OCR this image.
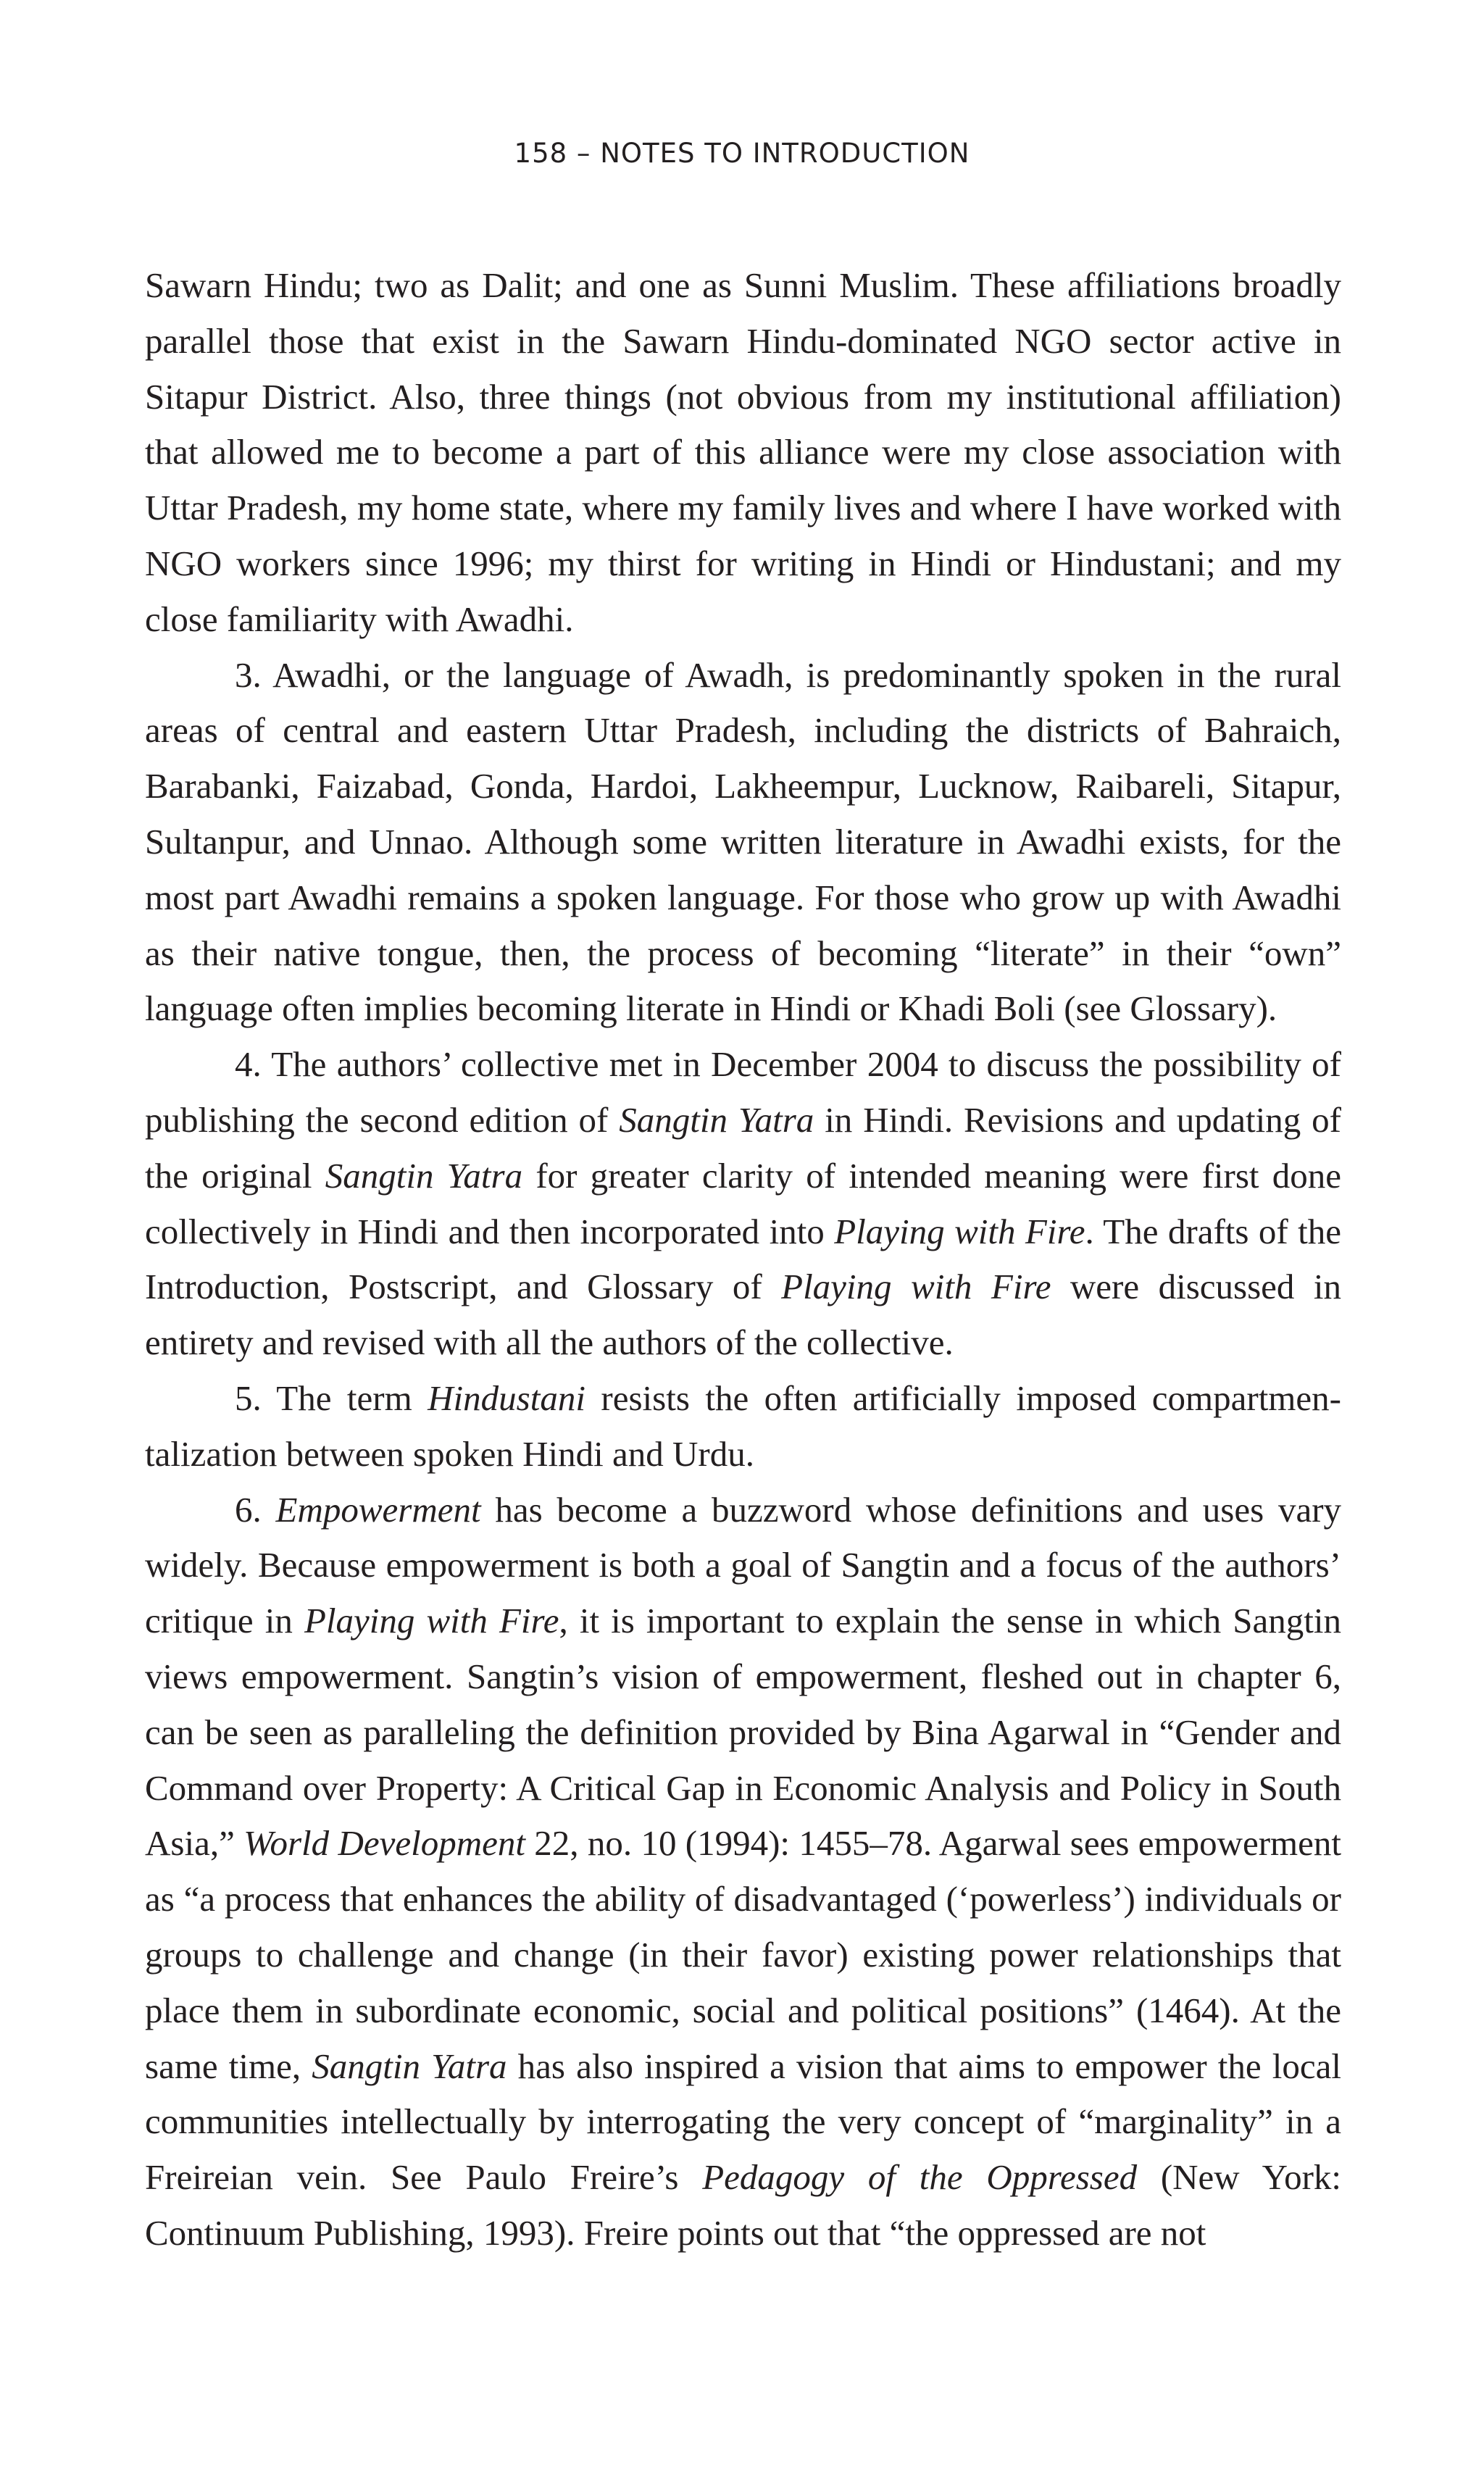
158 – NOTES TO INTRODUCTION

Sawarn Hindu; two as Dalit; and one as Sunni Muslim. These affiliations broadly parallel those that exist in the Sawarn Hindu-dominated NGO sector active in Sitapur District. Also, three things (not obvious from my institutional affiliation) that allowed me to become a part of this alliance were my close association with Uttar Pradesh, my home state, where my family lives and where I have worked with NGO workers since 1996; my thirst for writing in Hindi or Hindustani; and my close familiarity with Awadhi.

3. Awadhi, or the language of Awadh, is predominantly spoken in the rural areas of central and eastern Uttar Pradesh, including the districts of Bahraich, Barabanki, Faizabad, Gonda, Hardoi, Lakheempur, Lucknow, Raibareli, Sitapur, Sultanpur, and Unnao. Although some written literature in Awadhi exists, for the most part Awadhi remains a spoken language. For those who grow up with Awadhi as their native tongue, then, the process of becoming “literate” in their “own” language often implies becoming literate in Hindi or Khadi Boli (see Glossary).

4. The authors’ collective met in December 2004 to discuss the possibility of publishing the second edition of Sangtin Yatra in Hindi. Revisions and updating of the original Sangtin Yatra for greater clarity of intended meaning were first done collectively in Hindi and then incorporated into Playing with Fire. The drafts of the Introduction, Postscript, and Glossary of Playing with Fire were discussed in entirety and revised with all the authors of the collective.

5. The term Hindustani resists the often artificially imposed compartmentalization between spoken Hindi and Urdu.

6. Empowerment has become a buzzword whose definitions and uses vary widely. Because empowerment is both a goal of Sangtin and a focus of the authors’ critique in Playing with Fire, it is important to explain the sense in which Sangtin views empowerment. Sangtin’s vision of empowerment, fleshed out in chapter 6, can be seen as paralleling the definition provided by Bina Agarwal in “Gender and Command over Property: A Critical Gap in Economic Analysis and Policy in South Asia,” World Development 22, no. 10 (1994): 1455–78. Agarwal sees empowerment as “a process that enhances the ability of disadvantaged (‘powerless’) individuals or groups to challenge and change (in their favor) existing power relationships that place them in subordinate economic, social and political positions” (1464). At the same time, Sangtin Yatra has also inspired a vision that aims to empower the local communities intellectually by interrogating the very concept of “marginality” in a Freireian vein. See Paulo Freire’s Pedagogy of the Oppressed (New York: Continuum Publishing, 1993). Freire points out that “the oppressed are not
